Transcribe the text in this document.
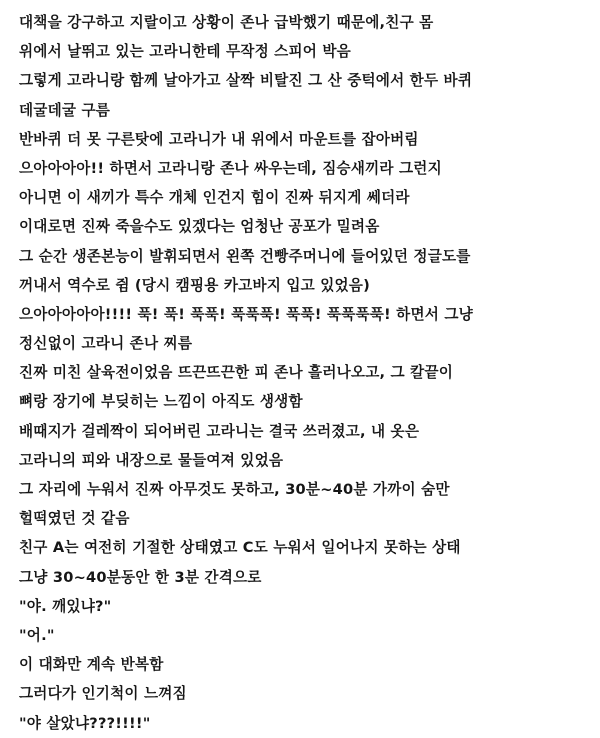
대책을 강구하고 지랄이고 상황이 존나 급박했기 때문에,친구 몸

위에서 날뛰고 있는 고라니한테 무작정 스피어 박음

그렇게 고라니랑 함께 날아가고 살짝 비탈진 그 산 중턱에서 한두 바퀴

데굴데굴 구름

반바퀴 더 못 구른탓에 고라니가 내 위에서 마운트를 잡아버림

으아아아아!! 하면서 고라니랑 존나 싸우는데, 짐승새끼라 그런지

아니면 이 새끼가 특수 개체 인건지 힘이 진짜 뒤지게 쎄더라

이대로면 진짜 죽을수도 있겠다는 엄청난 공포가 밀려옴

그 순간 생존본능이 발휘되면서 왼쪽 건빵주머니에 들어있던 정글도를

꺼내서 역수로 쥠 (당시 캠핑용 카고바지 입고 있었음)

으아아아아아!!!! 푹! 푹! 푹푹! 푹푹푹! 푹푹! 푹푹푹푹! 하면서 그냥

정신없이 고라니 존나 찌름

진짜 미친 살육전이었음 뜨끈뜨끈한 피 존나 흘러나오고, 그 칼끝이

뼈랑 장기에 부딪히는 느낌이 아직도 생생함

배때지가 걸레짝이 되어버린 고라니는 결국 쓰러졌고, 내 옷은

고라니의 피와 내장으로 물들여져 있었음

그 자리에 누워서 진짜 아무것도 못하고, 30분~40분 가까이 숨만

헐떡였던 것 같음

친구 A는 여전히 기절한 상태였고 C도 누워서 일어나지 못하는 상태

그냥 30~40분동안 한 3분 간격으로

"야. 깨있냐?"

"어."

이 대화만 계속 반복함

그러다가 인기척이 느껴짐

"야 살았냐???!!!!"
